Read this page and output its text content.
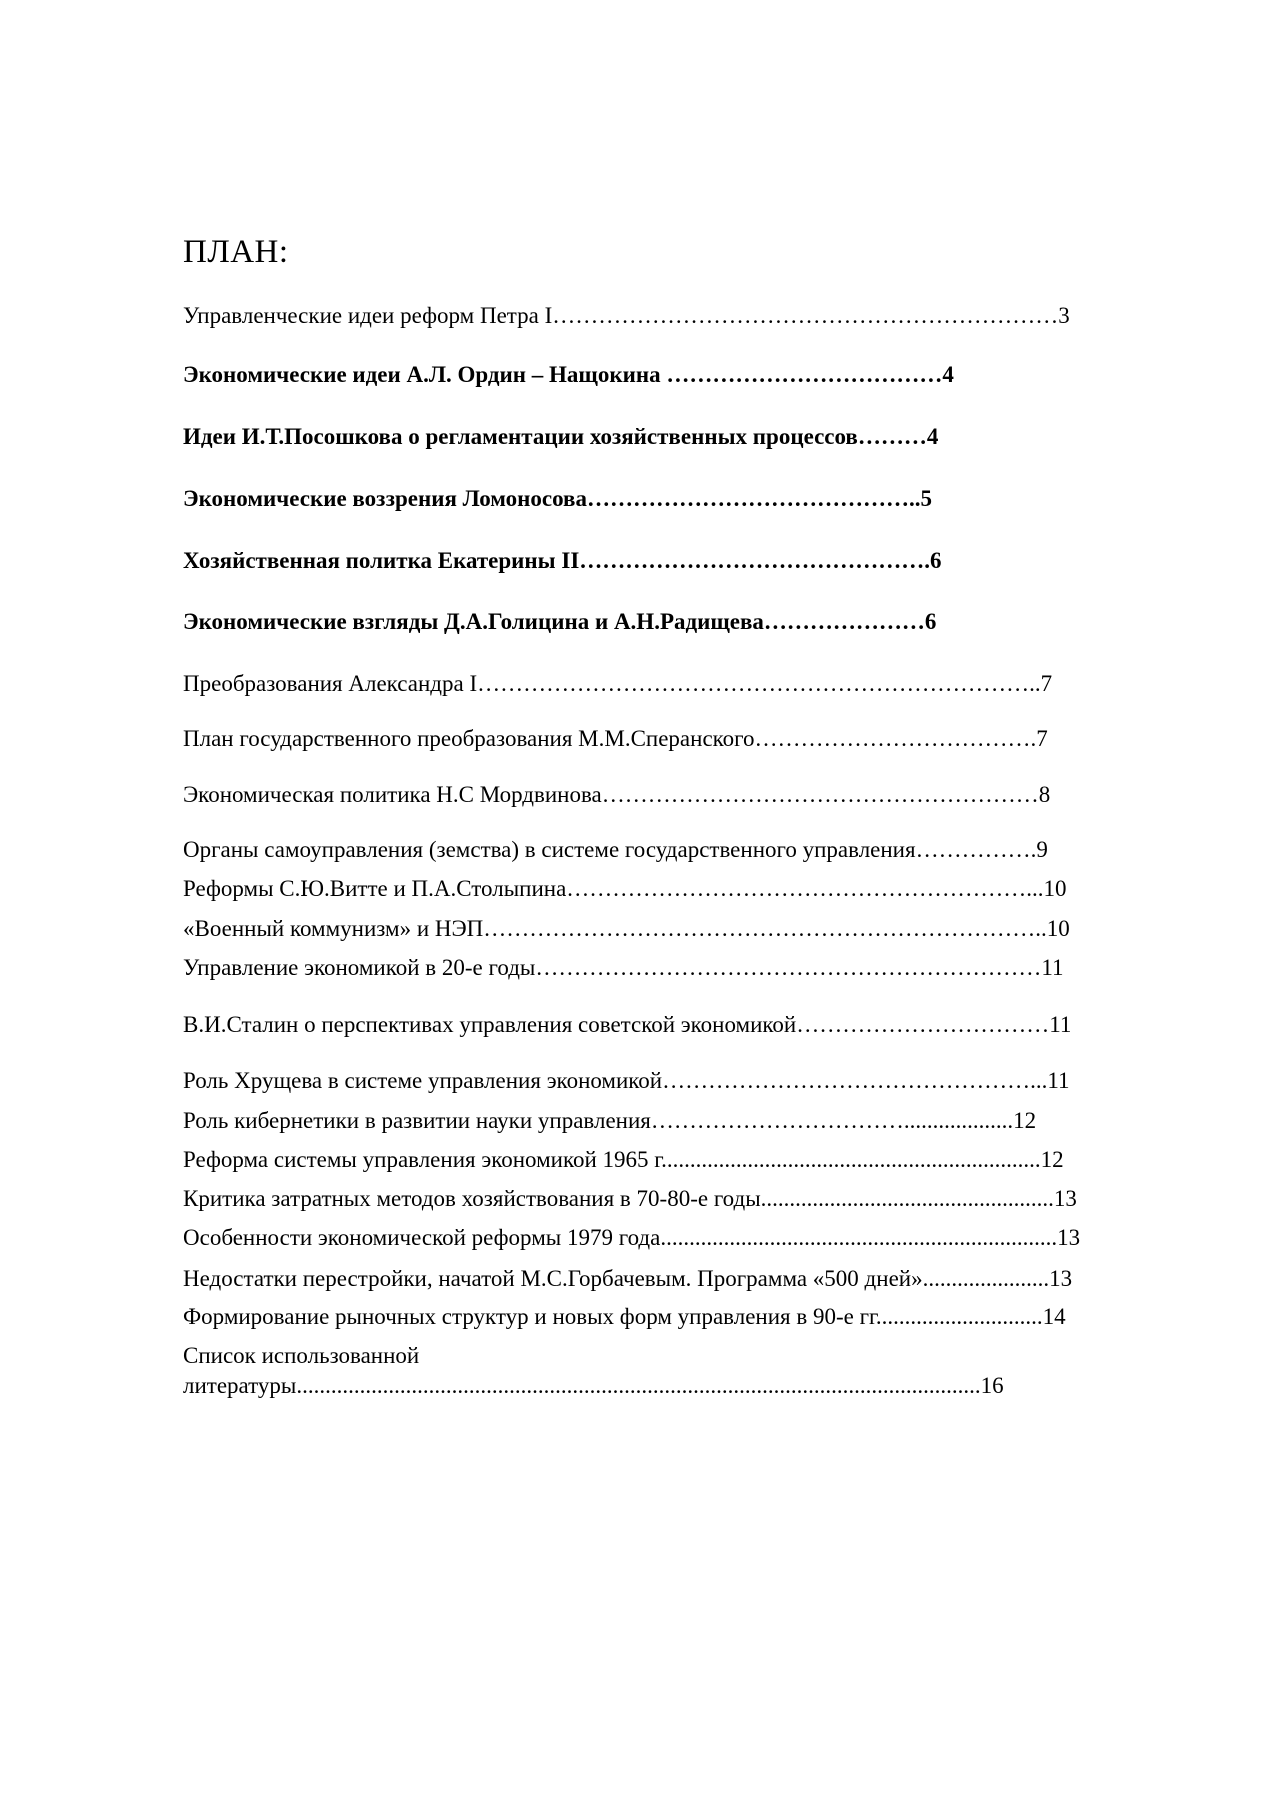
ПЛАН:
Управленческие идеи реформ Петра I…………………………………………………………3
Экономические идеи А.Л. Ордин – Нащокина ………………………………4
Идеи И.Т.Посошкова о регламентации хозяйственных процессов………4
Экономические воззрения Ломоносова……………………………………..5
Хозяйственная политка Екатерины II……………………………………….6
Экономические взгляды Д.А.Голицина и А.Н.Радищева…………………6
Преобразования Александра I………………………………………………………………..7
План государственного преобразования М.М.Сперанского……………………………….7
Экономическая политика Н.С Мордвинова…………………………………………………8
Органы самоуправления (земства) в системе государственного управления…………….9
Реформы С.Ю.Витте и П.А.Столыпина……………………………………………………...10
«Военный коммунизм» и НЭП………………………………………………………………..10
Управление экономикой в 20-е годы…………………………………………………………11
В.И.Сталин о перспективах управления советской экономикой……………………………11
Роль Хрущева в системе управления экономикой…………………………………………...11
Роль кибернетики в развитии науки управления……………………………...................12
Реформа системы управления экономикой 1965 г..................................................................12
Критика затратных методов хозяйствования в 70-80-е годы...................................................13
Особенности экономической реформы 1979 года.....................................................................13
Недостатки перестройки, начатой М.С.Горбачевым. Программа «500 дней»......................13
Формирование рыночных структур и новых форм управления в 90-е гг.............................14
Список использованной
литературы.......................................................................................................................16
